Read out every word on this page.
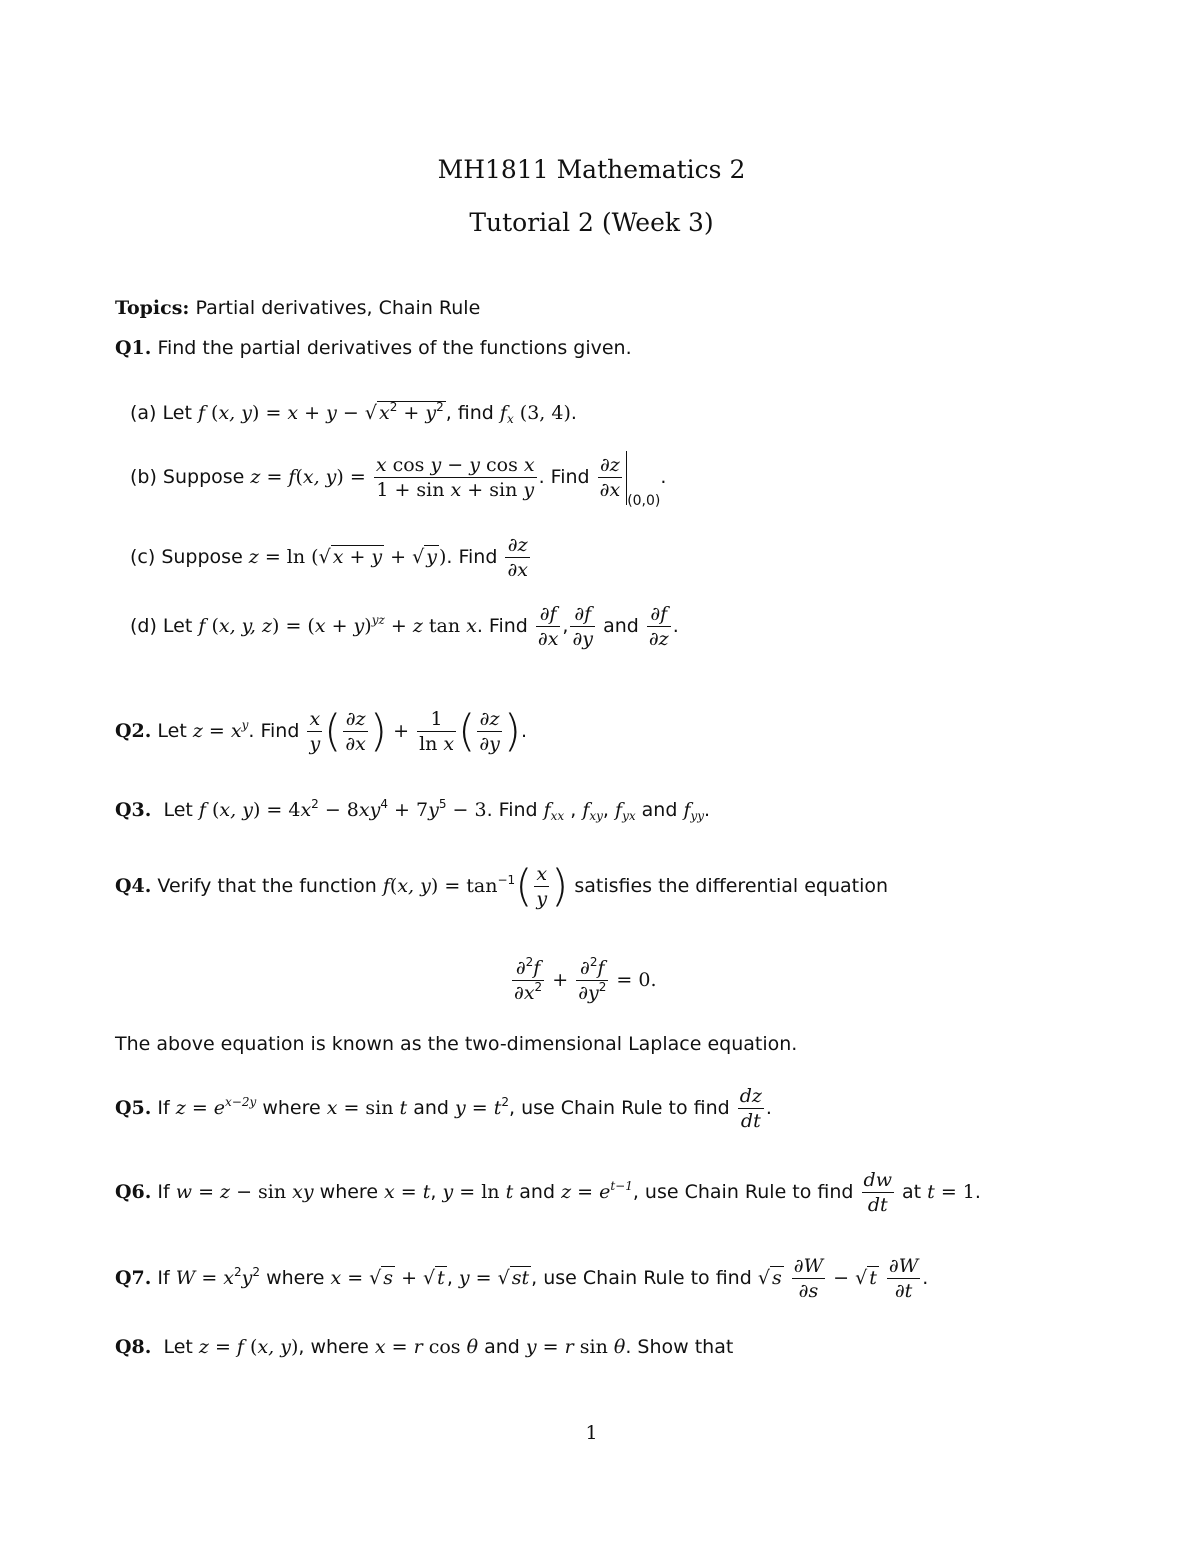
MH1811 Mathematics 2
Tutorial 2 (Week 3)
Topics: Partial derivatives, Chain Rule
Q1. Find the partial derivatives of the functions given.
(a) Let f (x, y) = x + y − √ $x^2 + y^2$ , find $f_x$ (3, 4).
(b) Suppose z = f(x, $y) = \frac{\text{x cos y − y cos x}}{\text{1 + sin x + sin y}}$ . Find $\frac{\partial z}{\partial x} _{(0,0)}$.
(c) Suppose z = ln (√ x + y + √ y ). Find $\frac{\partial z}{\partial x}$
(d) Let f (x, y, $z) = (x + y)^{yz} + z$ tan x. Find $\frac{\partial f}{\partial x}$ , $\frac{\partial f}{\partial y}$ and $\frac{\partial f}{\partial z}$ .
Q2. Let $z = x^y$. Find $\frac{x}{y}$ ( $\frac{\partial z}{\partial x}$ ) + $\frac{1}{\text{ln x}}$ ( $\frac{\partial z}{\partial y}$ ).
Q3.  Let f (x, $y) = 4x^2 - 8xy^4 + 7y^5 - 3$. Find $f_{xx}$ , $f_{xy}$, $f_{yx}$ and $f_{yy}$.
Q4. Verify that the function f(x, $y) = \tan^{-1}( \frac{x}{y}$ ) satisfies the differential equation
$\frac{\partial^2f}{\partial x^2} + \frac{\partial^2f}{\partial y^2} = 0$.
The above equation is known as the two-dimensional Laplace equation.
Q5. If $z = e^{x-2y}$ where x = sin t and $y = t^2$, use Chain Rule to find $\frac{dz}{dt}$ .
Q6. If w = z − sin xy where x = t, y = ln t and $z = e^{t-1}$, use Chain Rule to find $\frac{dw}{dt}$ at t = 1.
Q7. If $W = x^2y^2$ where x = √ s + √ t , y = √ st , use Chain Rule to find √ s $\frac{\partial W}{\partial s}$ − √ t $\frac{\partial W}{\partial t}$ .
Q8.  Let z = f (x, y), where x = r cos θ and y = r sin θ. Show that
1
